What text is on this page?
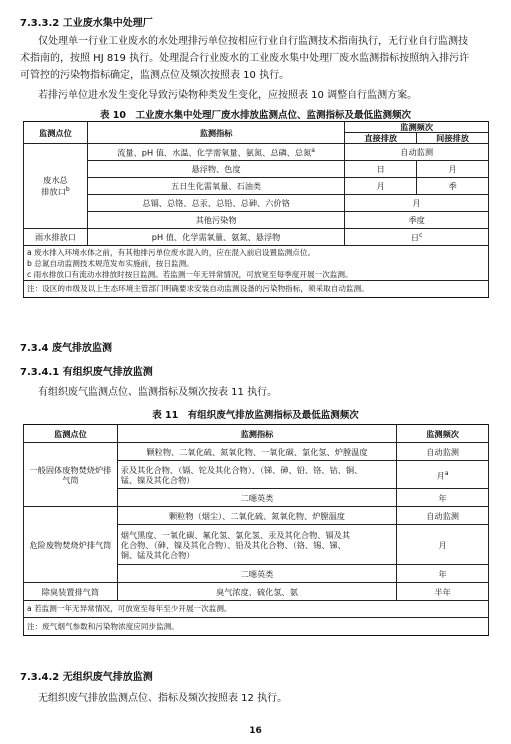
7.3.3.2 工业废水集中处理厂
仅处理单一行业工业废水的水处理排污单位按相应行业自行监测技术指南执行，无行业自行监测技
术指南的，按照 HJ 819 执行。处理混合行业废水的工业废水集中处理厂废水监测指标按照纳入排污许
可管控的污染物指标确定，监测点位及频次按照表 10 执行。
若排污单位进水发生变化导致污染物种类发生变化，应按照表 10 调整自行监测方案。
表 10　工业废水集中处理厂废水排放监测点位、监测指标及最低监测频次
监测点位	监测指标	监测频次	
		直接排放	间接排放
废水总
排放口$^b$	流量、pH 值、水温、化学需氧量、氨氮、总磷、总氮$^a$	自动监测	
	悬浮物、色度	日	月
	五日生化需氧量、石油类	月	季
	总镉、总铬、总汞、总铅、总砷、六价铬	月	
	其他污染物	季度	
雨水排放口	pH 值、化学需氧量、氨氮、悬浮物	日$^c$

a 废水排入环境水体之前，有其他排污单位废水混入的，应在混入前启设置监测点位。
b 总氮自动监测技术规范发布实施前，按日监测。
c 雨水排放口有流动水排放时按日监测。若监测一年无异常情况，可放宽至每季度开展一次监测。			

注：设区的市级及以上生态环境主管部门明确要求安装自动监测设备的污染物指标，须采取自动监测。			
7.3.4 废气排放监测
7.3.4.1 有组织废气排放监测
有组织废气监测点位、监测指标及频次按表 11 执行。
表 11　有组织废气排放监测指标及最低监测频次
监测点位	监测指标	监测频次
一般固体废物焚烧炉排
气筒	颗粒物、二氧化硫、氮氧化物、一氧化碳、氯化氢、炉膛温度	自动监测

	汞及其化合物、（镉、铊及其化合物）、（锑、砷、铅、铬、钴、铜、
锰、镍及其化合物）	月$^a$
	二噁英类	年
危险废物焚烧炉排气筒	颗粒物（烟尘）、二氧化硫、氮氧化物、炉膛温度	自动监测

	烟气黑度、一氧化碳、氟化氢、氯化氢、汞及其化合物、镉及其
化合物、（砷、镍及其化合物）、铅及其化合物、（铬、锡、锑、
铜、锰及其化合物）	月
	二噁英类	年
除臭装置排气筒	臭气浓度、硫化氢、氨	半年
a 若监测一年无异常情况，可放宽至每年至少开展一次监测。		
注：废气烟气参数和污染物浓度应同步监测。		
7.3.4.2 无组织废气排放监测
无组织废气排放监测点位、指标及频次按照表 12 执行。
16
